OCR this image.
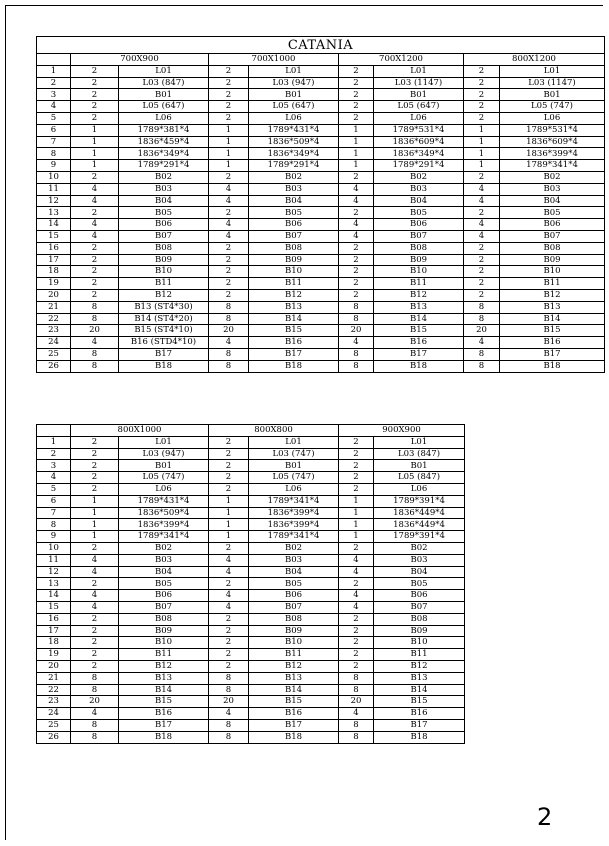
CATANIA								
	700X900		700X1000		700X1200		800X1200	
1	2	L01	2	L01	2	L01	2	L01
2	2	L03 (847)	2	L03 (947)	2	L03 (1147)	2	L03 (1147)
3	2	B01	2	B01	2	B01	2	B01
4	2	L05 (647)	2	L05 (647)	2	L05 (647)	2	L05 (747)
5	2	L06	2	L06	2	L06	2	L06
6	1	1789*381*4	1	1789*431*4	1	1789*531*4	1	1789*531*4
7	1	1836*459*4	1	1836*509*4	1	1836*609*4	1	1836*609*4
8	1	1836*349*4	1	1836*349*4	1	1836*349*4	1	1836*399*4
9	1	1789*291*4	1	1789*291*4	1	1789*291*4	1	1789*341*4
10	2	B02	2	B02	2	B02	2	B02
11	4	B03	4	B03	4	B03	4	B03
12	4	B04	4	B04	4	B04	4	B04
13	2	B05	2	B05	2	B05	2	B05
14	4	B06	4	B06	4	B06	4	B06
15	4	B07	4	B07	4	B07	4	B07
16	2	B08	2	B08	2	B08	2	B08
17	2	B09	2	B09	2	B09	2	B09
18	2	B10	2	B10	2	B10	2	B10
19	2	B11	2	B11	2	B11	2	B11
20	2	B12	2	B12	2	B12	2	B12
21	8	B13 (ST4*30)	8	B13	8	B13	8	B13
22	8	B14 (ST4*20)	8	B14	8	B14	8	B14
23	20	B15 (ST4*10)	20	B15	20	B15	20	B15
24	4	B16 (STD4*10)	4	B16	4	B16	4	B16
25	8	B17	8	B17	8	B17	8	B17
26	8	B18	8	B18	8	B18	8	B18
	800X1000		800X800		900X900	
1	2	L01	2	L01	2	L01
2	2	L03 (947)	2	L03 (747)	2	L03 (847)
3	2	B01	2	B01	2	B01
4	2	L05 (747)	2	L05 (747)	2	L05 (847)
5	2	L06	2	L06	2	L06
6	1	1789*431*4	1	1789*341*4	1	1789*391*4
7	1	1836*509*4	1	1836*399*4	1	1836*449*4
8	1	1836*399*4	1	1836*399*4	1	1836*449*4
9	1	1789*341*4	1	1789*341*4	1	1789*391*4
10	2	B02	2	B02	2	B02
11	4	B03	4	B03	4	B03
12	4	B04	4	B04	4	B04
13	2	B05	2	B05	2	B05
14	4	B06	4	B06	4	B06
15	4	B07	4	B07	4	B07
16	2	B08	2	B08	2	B08
17	2	B09	2	B09	2	B09
18	2	B10	2	B10	2	B10
19	2	B11	2	B11	2	B11
20	2	B12	2	B12	2	B12
21	8	B13	8	B13	8	B13
22	8	B14	8	B14	8	B14
23	20	B15	20	B15	20	B15
24	4	B16	4	B16	4	B16
25	8	B17	8	B17	8	B17
26	8	B18	8	B18	8	B18
2
